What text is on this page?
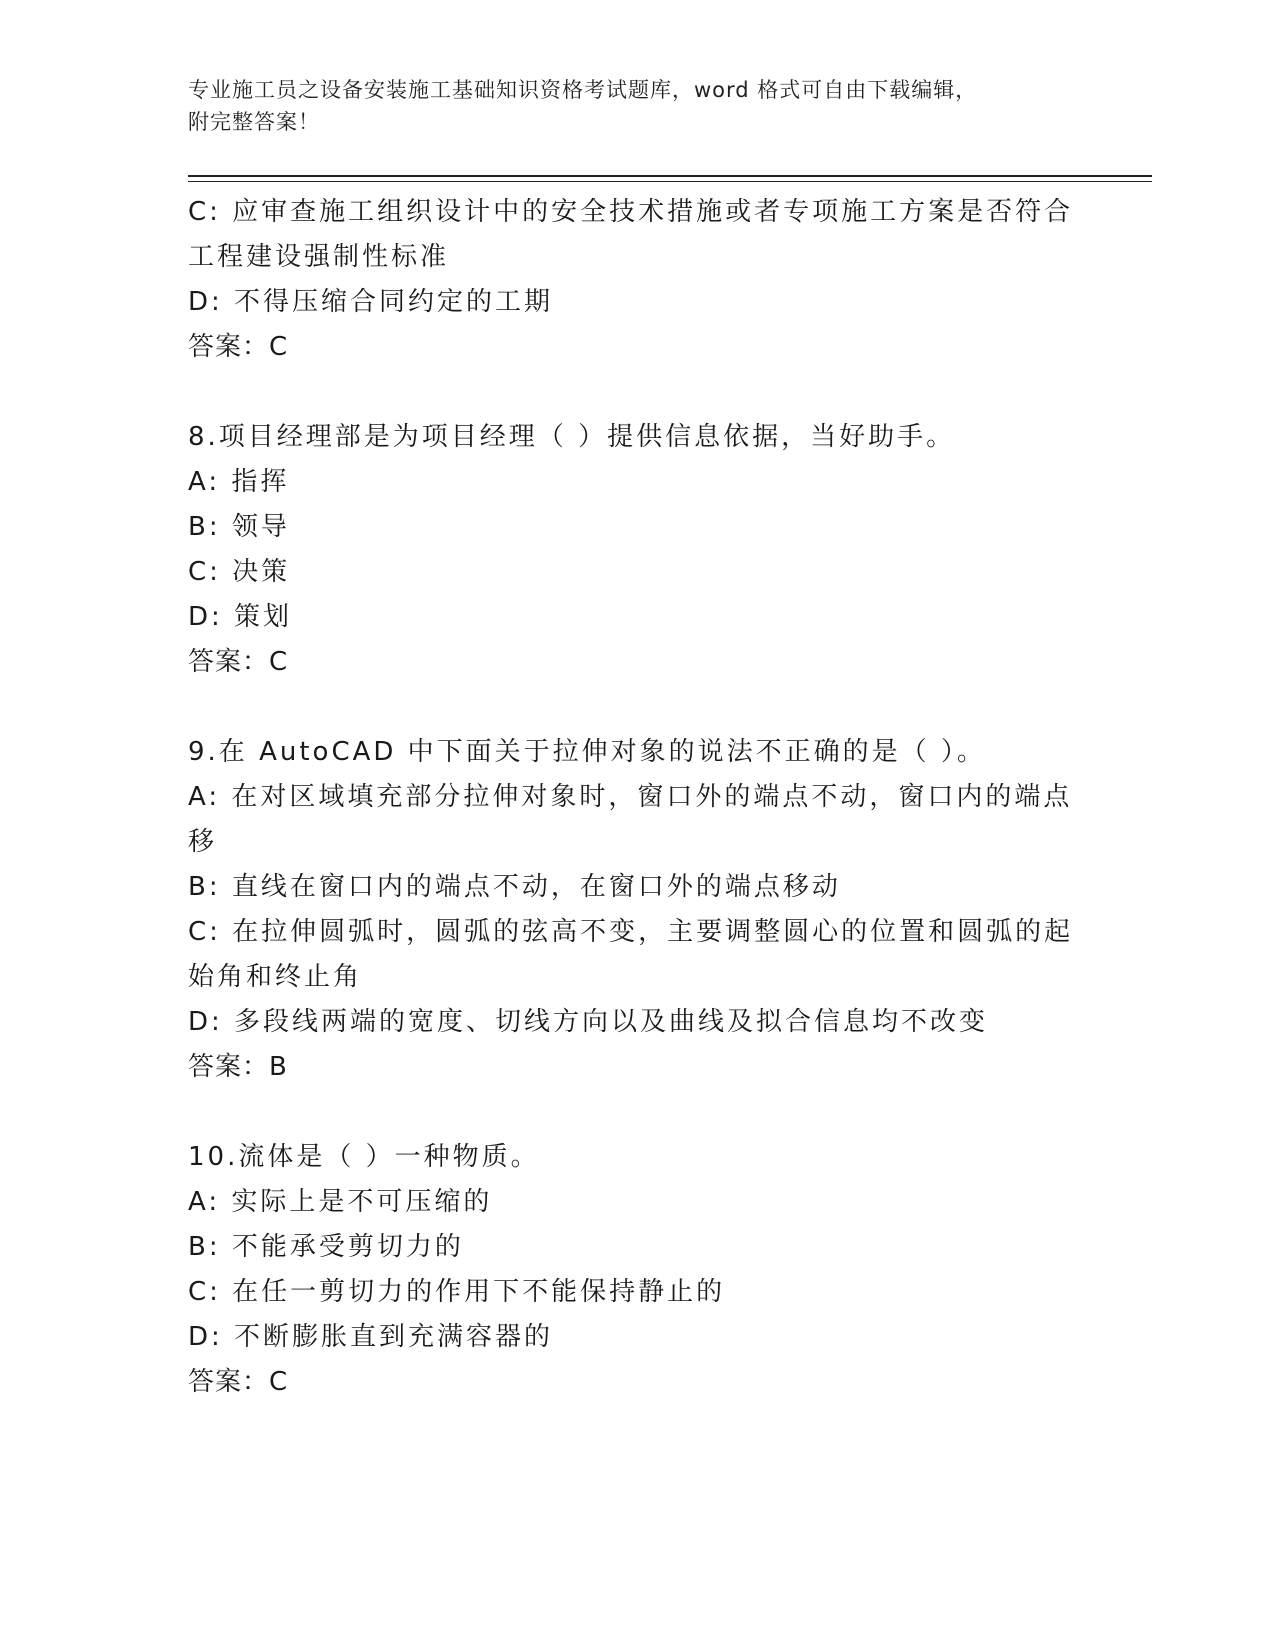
专业施工员之设备安装施工基础知识资格考试题库，word 格式可自由下载编辑，
附完整答案！

C: 应审查施工组织设计中的安全技术措施或者专项施工方案是否符合

工程建设强制性标准

D: 不得压缩合同约定的工期

答案：C

8.项目经理部是为项目经理（ ）提供信息依据，当好助手。

A: 指挥

B: 领导

C: 决策

D: 策划

答案：C

9.在 AutoCAD 中下面关于拉伸对象的说法不正确的是（ ）。

A: 在对区域填充部分拉伸对象时，窗口外的端点不动，窗口内的端点

移

B: 直线在窗口内的端点不动，在窗口外的端点移动

C: 在拉伸圆弧时，圆弧的弦高不变，主要调整圆心的位置和圆弧的起

始角和终止角

D: 多段线两端的宽度、切线方向以及曲线及拟合信息均不改变

答案：B

10.流体是（ ）一种物质。

A: 实际上是不可压缩的

B: 不能承受剪切力的

C: 在任一剪切力的作用下不能保持静止的

D: 不断膨胀直到充满容器的

答案：C
